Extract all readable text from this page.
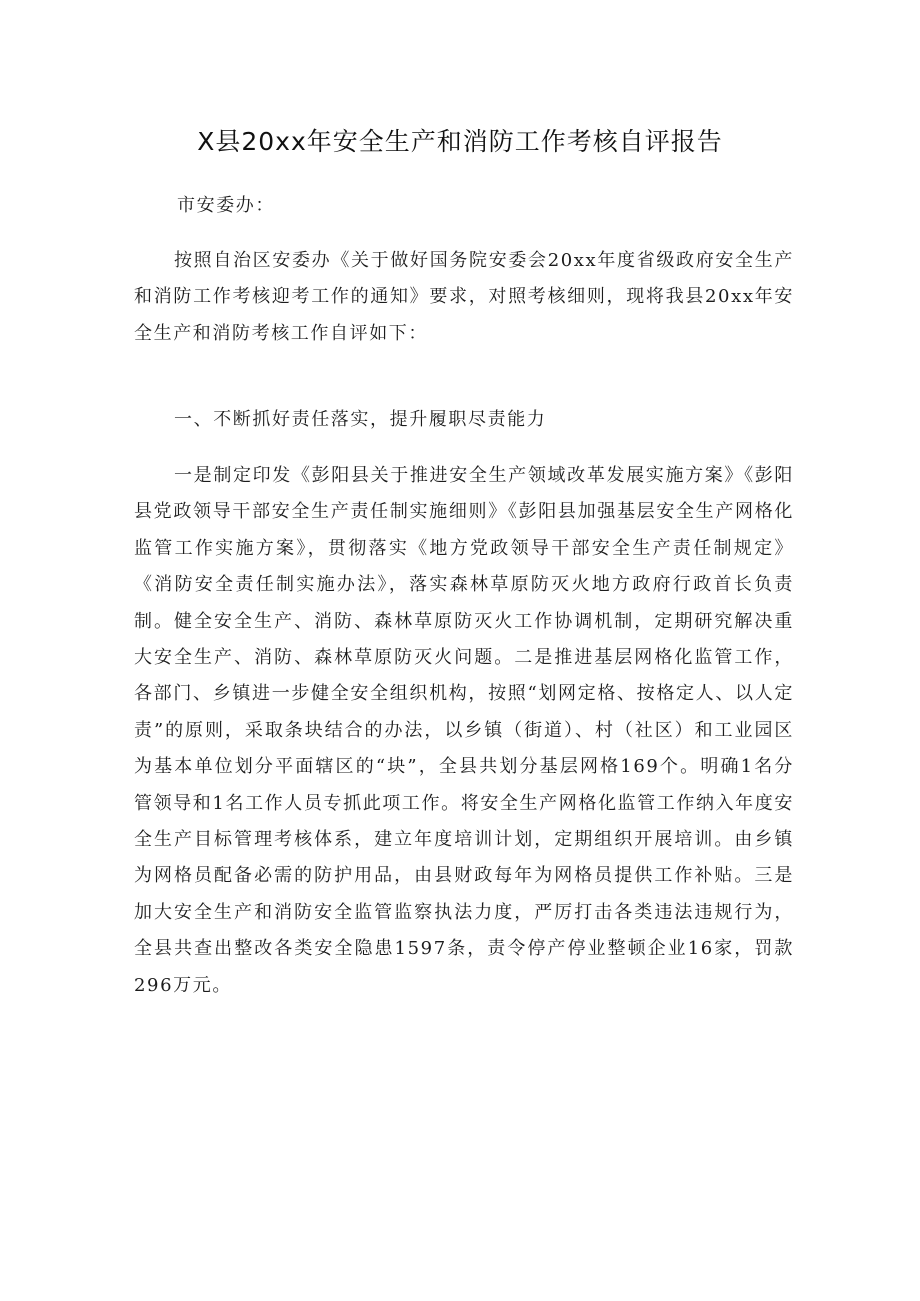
X县20xx年安全生产和消防工作考核自评报告

市安委办：

按照自治区安委办《关于做好国务院安委会20xx年度省级政府安全生产和消防工作考核迎考工作的通知》要求，对照考核细则，现将我县20xx年安全生产和消防考核工作自评如下：

一、不断抓好责任落实，提升履职尽责能力

一是制定印发《彭阳县关于推进安全生产领域改革发展实施方案》《彭阳县党政领导干部安全生产责任制实施细则》《彭阳县加强基层安全生产网格化监管工作实施方案》，贯彻落实《地方党政领导干部安全生产责任制规定》《消防安全责任制实施办法》，落实森林草原防灭火地方政府行政首长负责制。健全安全生产、消防、森林草原防灭火工作协调机制，定期研究解决重大安全生产、消防、森林草原防灭火问题。二是推进基层网格化监管工作，各部门、乡镇进一步健全安全组织机构，按照“划网定格、按格定人、以人定责”的原则，采取条块结合的办法，以乡镇（街道）、村（社区）和工业园区为基本单位划分平面辖区的“块”，全县共划分基层网格169个。明确1名分管领导和1名工作人员专抓此项工作。将安全生产网格化监管工作纳入年度安全生产目标管理考核体系，建立年度培训计划，定期组织开展培训。由乡镇为网格员配备必需的防护用品，由县财政每年为网格员提供工作补贴。三是加大安全生产和消防安全监管监察执法力度，严厉打击各类违法违规行为，全县共查出整改各类安全隐患1597条，责令停产停业整顿企业16家，罚款296万元。
